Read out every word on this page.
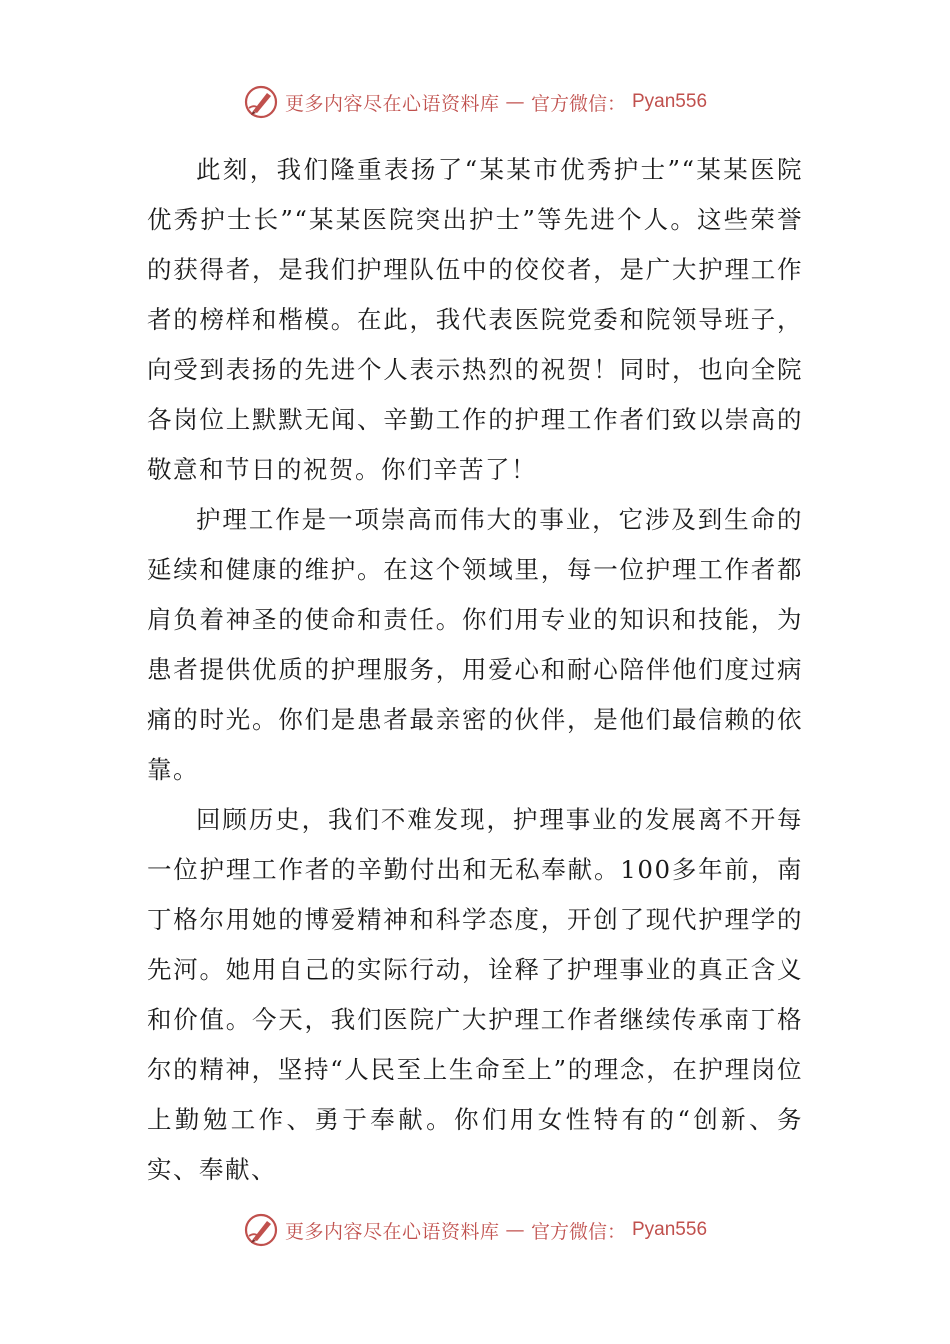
更多内容尽在心语资料库 — 官方微信： Pyan556

此刻，我们隆重表扬了“某某市优秀护士”“某某医院优秀护士长”“某某医院突出护士”等先进个人。这些荣誉的获得者，是我们护理队伍中的佼佼者，是广大护理工作者的榜样和楷模。在此，我代表医院党委和院领导班子，向受到表扬的先进个人表示热烈的祝贺！同时，也向全院各岗位上默默无闻、辛勤工作的护理工作者们致以崇高的敬意和节日的祝贺。你们辛苦了！

护理工作是一项崇高而伟大的事业，它涉及到生命的延续和健康的维护。在这个领域里，每一位护理工作者都肩负着神圣的使命和责任。你们用专业的知识和技能，为患者提供优质的护理服务，用爱心和耐心陪伴他们度过病痛的时光。你们是患者最亲密的伙伴，是他们最信赖的依靠。

回顾历史，我们不难发现，护理事业的发展离不开每一位护理工作者的辛勤付出和无私奉献。100多年前，南丁格尔用她的博爱精神和科学态度，开创了现代护理学的先河。她用自己的实际行动，诠释了护理事业的真正含义和价值。今天，我们医院广大护理工作者继续传承南丁格尔的精神，坚持“人民至上生命至上”的理念，在护理岗位上勤勉工作、勇于奉献。你们用女性特有的“创新、务实、奉献、

更多内容尽在心语资料库 — 官方微信： Pyan556
